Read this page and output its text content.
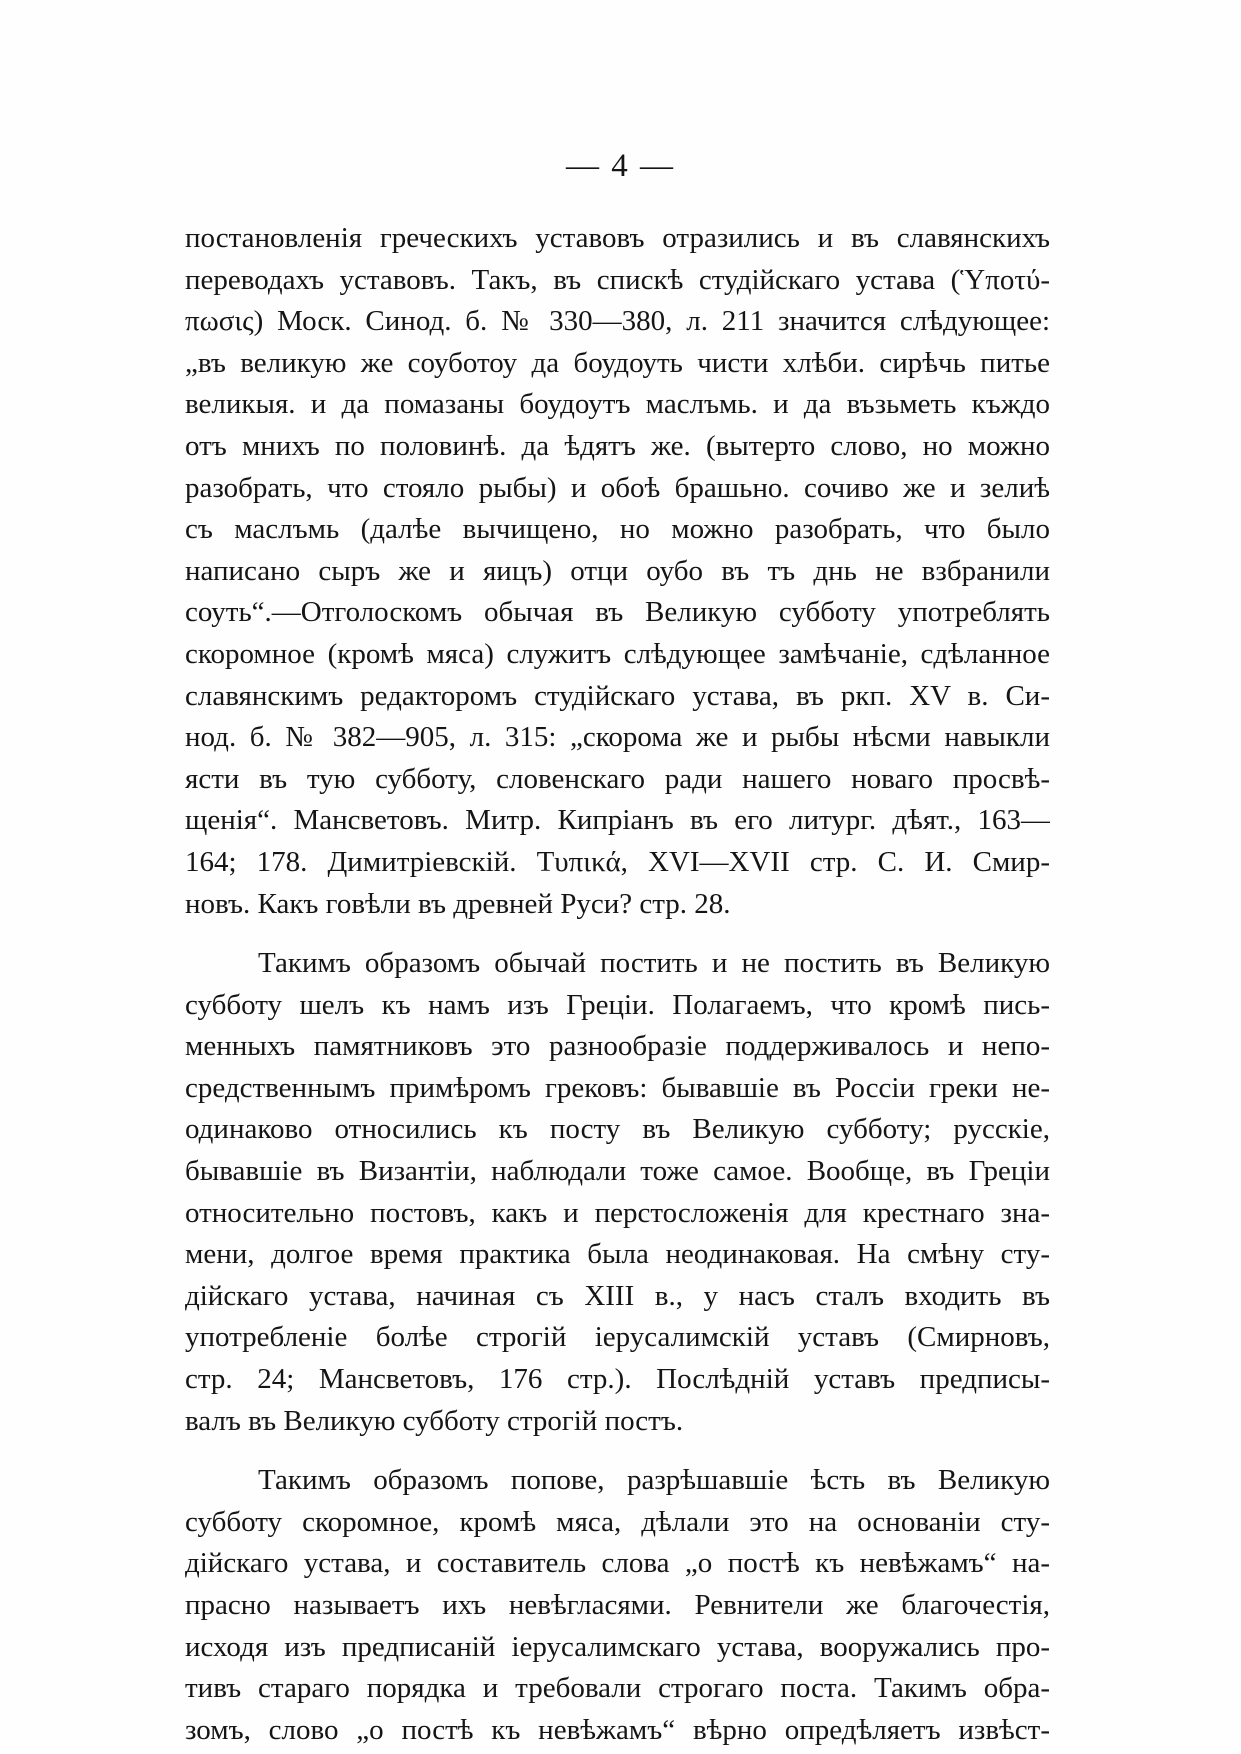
— 4 —
постановленія греческихъ уставовъ отразились и въ славянскихъ
переводахъ уставовъ. Такъ, въ спискѣ студійскаго устава (Ὑποτύ-
πωσις) Моск. Синод. б. № 330—380, л. 211 значится слѣдующее:
„въ великую же соуботоу да боудоуть чисти хлѣби. сирѣчь питье
великыя. и да помазаны боудоутъ маслъмь. и да възьметь къждо
отъ мнихъ по половинѣ. да ѣдятъ же. (вытерто слово, но можно
разобрать, что стояло рыбы) и обоѣ брашьно. сочиво же и зелиѣ
съ маслъмь (далѣе вычищено, но можно разобрать, что было
написано сыръ же и яицъ) отци оубо въ тъ днь не взбранили
соуть“.—Отголоскомъ обычая въ Великую субботу употреблять
скоромное (кромѣ мяса) служитъ слѣдующее замѣчаніе, сдѣланное
славянскимъ редакторомъ студійскаго устава, въ ркп. XV в. Си-
нод. б. № 382—905, л. 315: „скорома же и рыбы нѣсми навыкли
ясти въ тую субботу, словенскаго ради нашего новаго просвѣ-
щенія“. Мансветовъ. Митр. Кипріанъ въ его литург. дѣят., 163—
164; 178. Димитріевскій. Τυπικά, XVI—XVII стр. С. И. Смир-
новъ. Какъ говѣли въ древней Руси? стр. 28.
Такимъ образомъ обычай постить и не постить въ Великую
субботу шелъ къ намъ изъ Греціи. Полагаемъ, что кромѣ пись-
менныхъ памятниковъ это разнообразіе поддерживалось и непо-
средственнымъ примѣромъ грековъ: бывавшіе въ Россіи греки не-
одинаково относились къ посту въ Великую субботу; русскіе,
бывавшіе въ Византіи, наблюдали тоже самое. Вообще, въ Греціи
относительно постовъ, какъ и перстосложенія для крестнаго зна-
мени, долгое время практика была неодинаковая. На смѣну сту-
дійскаго устава, начиная съ XIII в., у насъ сталъ входить въ
употребленіе болѣе строгій іерусалимскій уставъ (Смирновъ,
стр. 24; Мансветовъ, 176 стр.). Послѣдній уставъ предписы-
валъ въ Великую субботу строгій постъ.
Такимъ образомъ попове, разрѣшавшіе ѣсть въ Великую
субботу скоромное, кромѣ мяса, дѣлали это на основаніи сту-
дійскаго устава, и составитель слова „о постѣ къ невѣжамъ“ на-
прасно называетъ ихъ невѣгласями. Ревнители же благочестія,
исходя изъ предписаній іерусалимскаго устава, вооружались про-
тивъ стараго порядка и требовали строгаго поста. Такимъ обра-
зомъ, слово „о постѣ къ невѣжамъ“ вѣрно опредѣляетъ извѣст-
